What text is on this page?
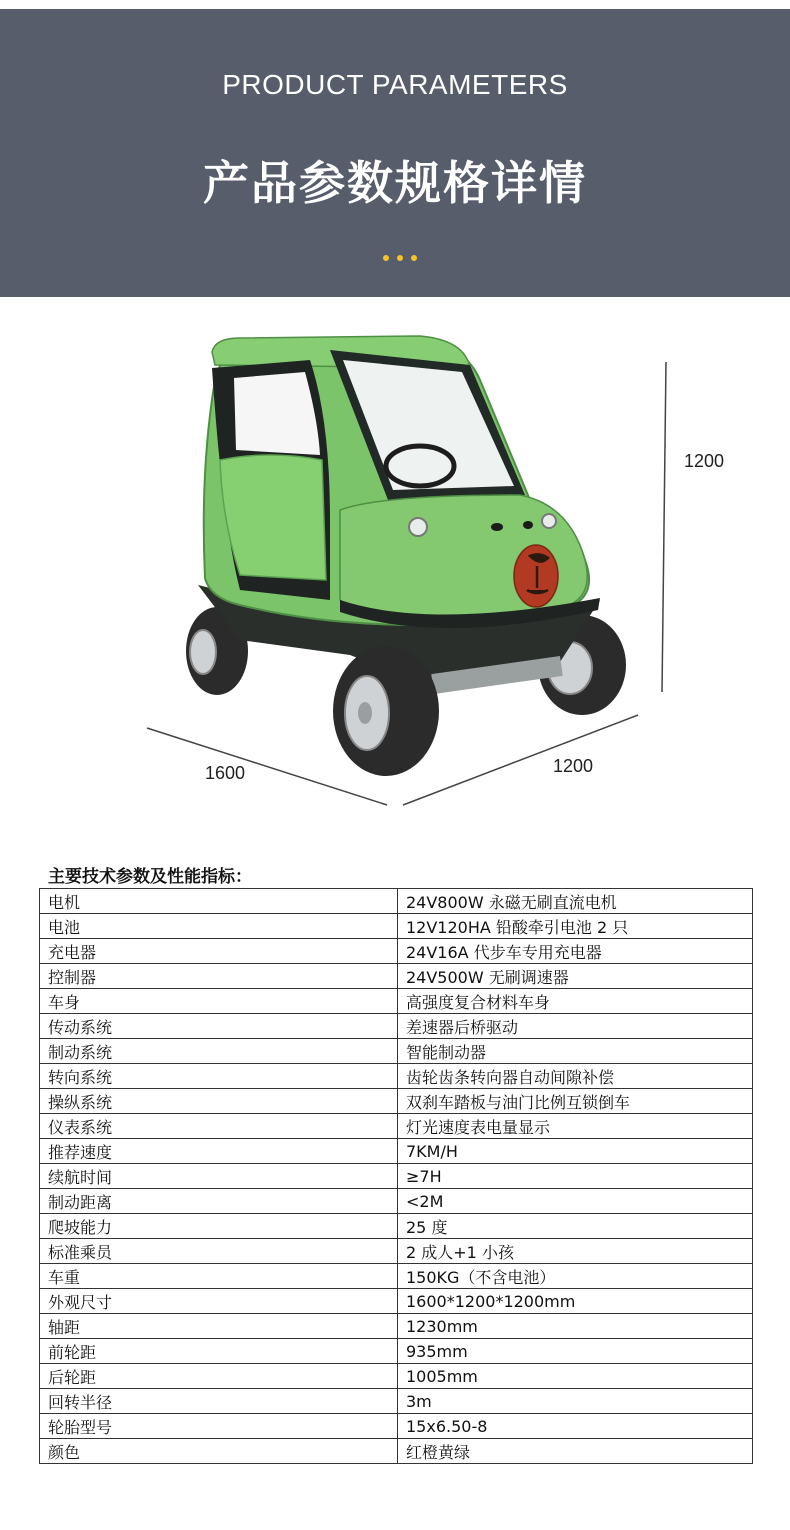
PRODUCT PARAMETERS
产品参数规格详情
1200
1600	1200
主要技术参数及性能指标：
电机	24V800W 永磁无刷直流电机
电池	12V120HA 铅酸牵引电池 2 只
充电器	24V16A 代步车专用充电器
控制器	24V500W 无刷调速器
车身	高强度复合材料车身
传动系统	差速器后桥驱动
制动系统	智能制动器
转向系统	齿轮齿条转向器自动间隙补偿
操纵系统	双刹车踏板与油门比例互锁倒车
仪表系统	灯光速度表电量显示
推荐速度	7KM/H
续航时间	≥7H
制动距离	<2M
爬坡能力	25 度
标准乘员	2 成人+1 小孩
车重	150KG（不含电池）
外观尺寸	1600*1200*1200mm
轴距	1230mm
前轮距	935mm
后轮距	1005mm
回转半径	3m
轮胎型号	15x6.50-8
颜色	红橙黄绿
